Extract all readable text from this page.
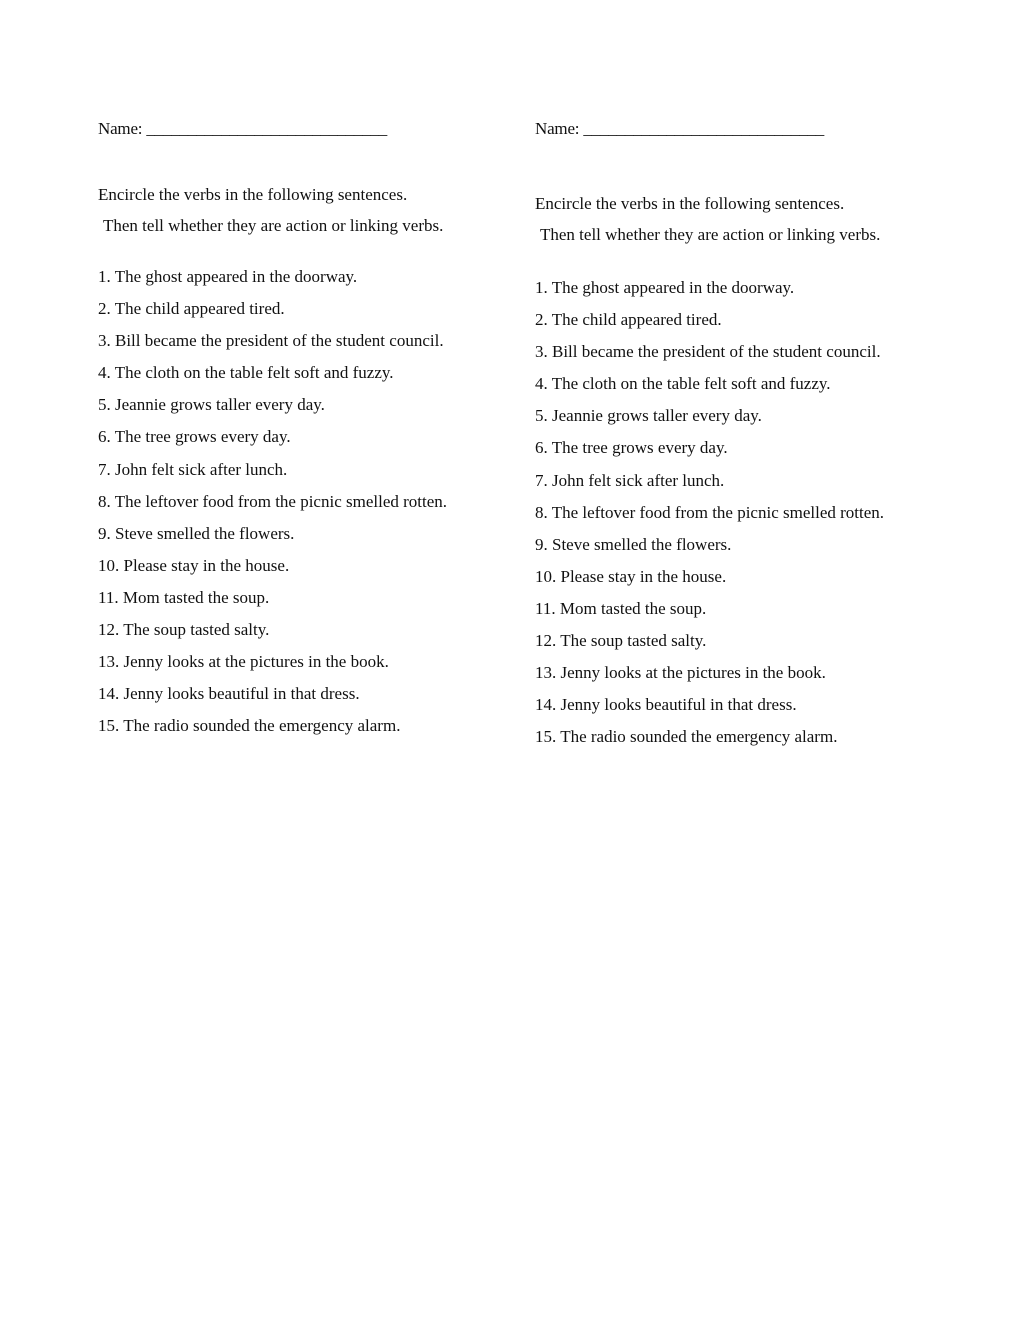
Name: _____________________________
Encircle the verbs in the following sentences.
Then tell whether they are action or linking verbs.
1. The ghost appeared in the doorway.
2. The child appeared tired.
3. Bill became the president of the student council.
4. The cloth on the table felt soft and fuzzy.
5. Jeannie grows taller every day.
6. The tree grows every day.
7. John felt sick after lunch.
8. The leftover food from the picnic smelled rotten.
9. Steve smelled the flowers.
10. Please stay in the house.
11. Mom tasted the soup.
12. The soup tasted salty.
13. Jenny looks at the pictures in the book.
14. Jenny looks beautiful in that dress.
15. The radio sounded the emergency alarm.
Name: _____________________________
Encircle the verbs in the following sentences.
Then tell whether they are action or linking verbs.
1. The ghost appeared in the doorway.
2. The child appeared tired.
3. Bill became the president of the student council.
4. The cloth on the table felt soft and fuzzy.
5. Jeannie grows taller every day.
6. The tree grows every day.
7. John felt sick after lunch.
8. The leftover food from the picnic smelled rotten.
9. Steve smelled the flowers.
10. Please stay in the house.
11. Mom tasted the soup.
12. The soup tasted salty.
13. Jenny looks at the pictures in the book.
14. Jenny looks beautiful in that dress.
15. The radio sounded the emergency alarm.
